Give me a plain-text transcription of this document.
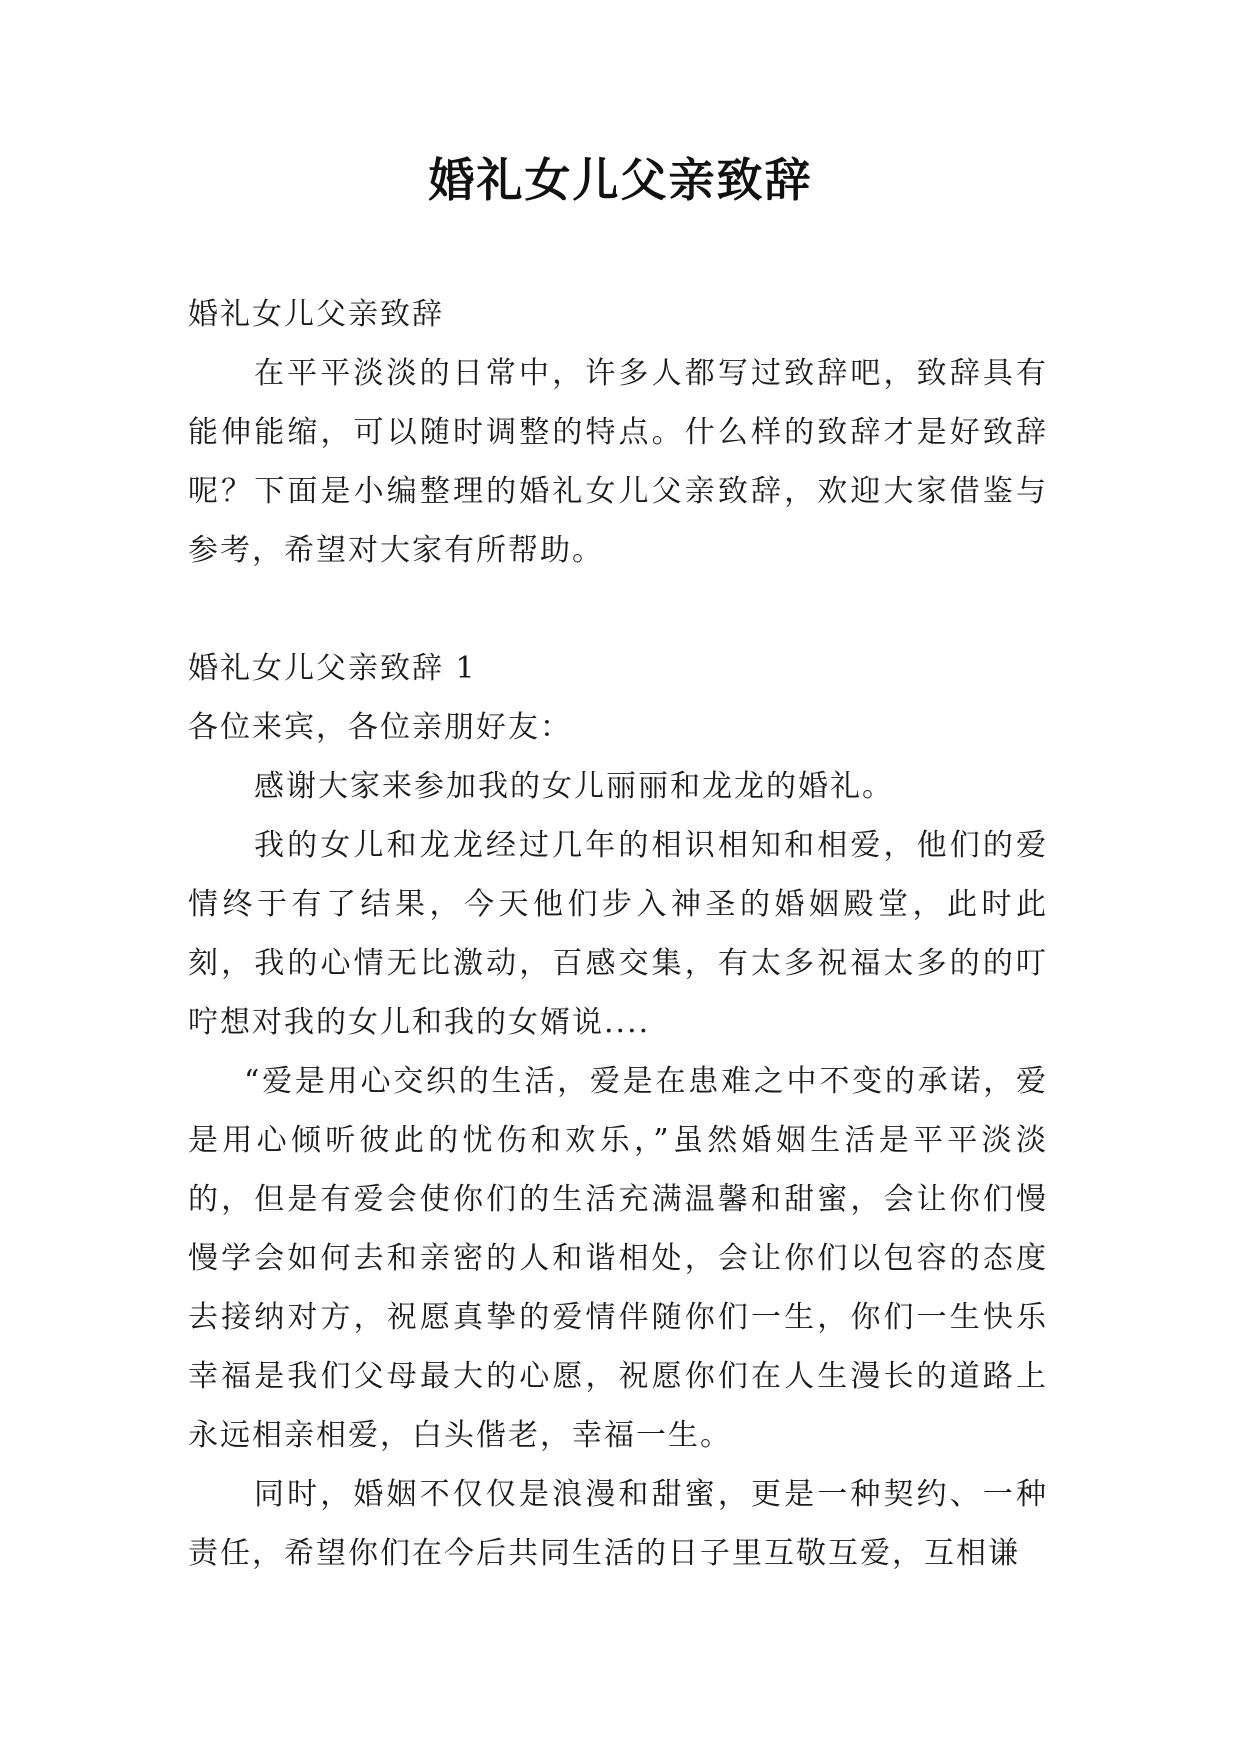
婚礼女儿父亲致辞

婚礼女儿父亲致辞

在平平淡淡的日常中，许多人都写过致辞吧，致辞具有能伸能缩，可以随时调整的特点。什么样的致辞才是好致辞呢？下面是小编整理的婚礼女儿父亲致辞，欢迎大家借鉴与参考，希望对大家有所帮助。

婚礼女儿父亲致辞 1

各位来宾，各位亲朋好友：

感谢大家来参加我的女儿丽丽和龙龙的婚礼。

我的女儿和龙龙经过几年的相识相知和相爱，他们的爱情终于有了结果，今天他们步入神圣的婚姻殿堂，此时此刻，我的心情无比激动，百感交集，有太多祝福太多的的叮咛想对我的女儿和我的女婿说....

“爱是用心交织的生活，爱是在患难之中不变的承诺，爱是用心倾听彼此的忧伤和欢乐，”虽然婚姻生活是平平淡淡的，但是有爱会使你们的生活充满温馨和甜蜜，会让你们慢慢学会如何去和亲密的人和谐相处，会让你们以包容的态度去接纳对方，祝愿真挚的爱情伴随你们一生，你们一生快乐幸福是我们父母最大的心愿，祝愿你们在人生漫长的道路上永远相亲相爱，白头偕老，幸福一生。

同时，婚姻不仅仅是浪漫和甜蜜，更是一种契约、一种责任，希望你们在今后共同生活的日子里互敬互爱，互相谦
